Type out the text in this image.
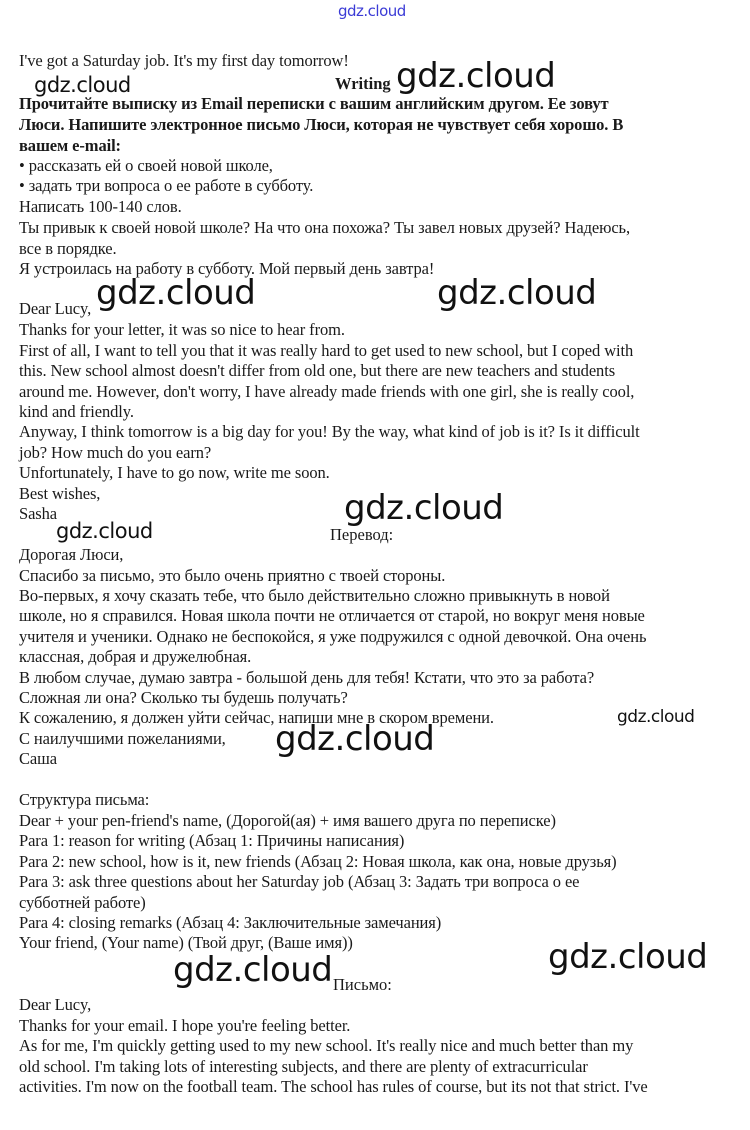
gdz.cloud
I've got a Saturday job. It's my first day tomorrow!
Writing
Прочитайте выписку из Email переписки с вашим английским другом. Ее зовут
Люси. Напишите электронное письмо Люси, которая не чувствует себя хорошо. В
вашем e-mail:
• рассказать ей о своей новой школе,
• задать три вопроса о ее работе в субботу.
Написать 100-140 слов.
Ты привык к своей новой школе? На что она похожа? Ты завел новых друзей? Надеюсь,
все в порядке.
Я устроилась на работу в субботу. Мой первый день завтра!
Dear Lucy,
Thanks for your letter, it was so nice to hear from.
First of all, I want to tell you that it was really hard to get used to new school, but I coped with
this. New school almost doesn't differ from old one, but there are new teachers and students
around me. However, don't worry, I have already made friends with one girl, she is really cool,
kind and friendly.
Anyway, I think tomorrow is a big day for you! By the way, what kind of job is it? Is it difficult
job? How much do you earn?
Unfortunately, I have to go now, write me soon.
Best wishes,
Sasha
Перевод:
Дорогая Люси,
Спасибо за письмо, это было очень приятно с твоей стороны.
Во-первых, я хочу сказать тебе, что было действительно сложно привыкнуть в новой
школе, но я справился. Новая школа почти не отличается от старой, но вокруг меня новые
учителя и ученики. Однако не беспокойся, я уже подружился с одной девочкой. Она очень
классная, добрая и дружелюбная.
В любом случае, думаю завтра - большой день для тебя! Кстати, что это за работа?
Сложная ли она? Сколько ты будешь получать?
К сожалению, я должен уйти сейчас, напиши мне в скором времени.
С наилучшими пожеланиями,
Саша
Структура письма:
Dear + your pen-friend's name, (Дорогой(ая) + имя вашего друга по переписке)
Para 1: reason for writing (Абзац 1: Причины написания)
Para 2: new school, how is it, new friends (Абзац 2: Новая школа, как она, новые друзья)
Para 3: ask three questions about her Saturday job (Абзац 3: Задать три вопроса о ее
субботней работе)
Para 4: closing remarks (Абзац 4: Заключительные замечания)
Your friend, (Your name) (Твой друг, (Ваше имя))
Письмо:
Dear Lucy,
Thanks for your email. I hope you're feeling better.
As for me, I'm quickly getting used to my new school. It's really nice and much better than my
old school. I'm taking lots of interesting subjects, and there are plenty of extracurricular
activities. I'm now on the football team. The school has rules of course, but its not that strict. I've
gdz.cloud	gdz.cloud
gdz.cloud	gdz.cloud
gdz.cloud
gdz.cloud
gdz.cloud
gdz.cloud
gdz.cloud
gdz.cloud
